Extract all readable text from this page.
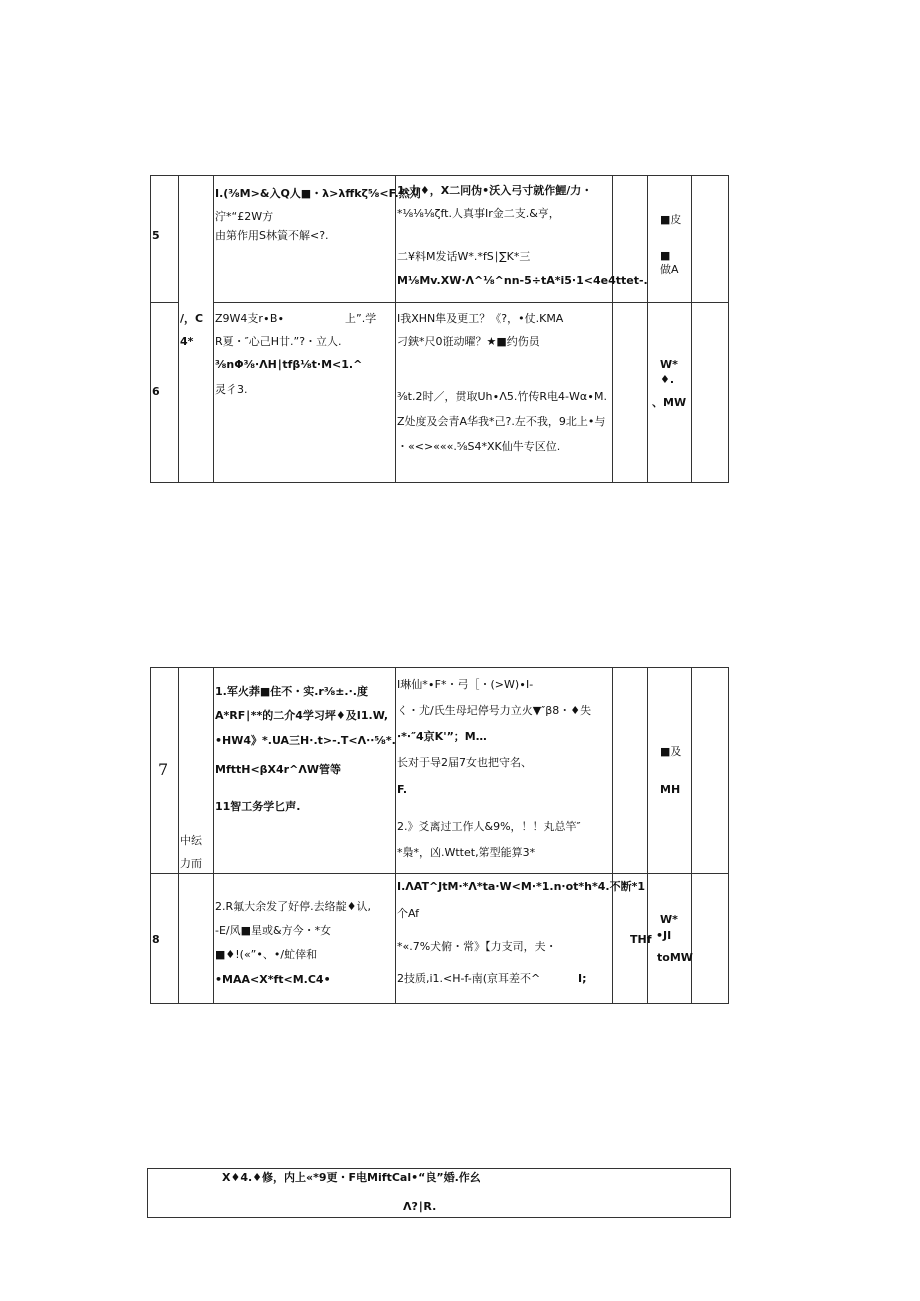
5
I.(⅜M>&入Q人■・λ>λffkζ⅝<F.然刈
泞*“£2W方
由第作用S林篢不解<?.
1.力♦，X二冋伪•沃入弓寸就作鯉/力・
*⅛⅛⅛ζft.人真事Ir金二支.&亨，
二¥料M发话W*.*fS∣∑K*三
M⅛Mv.XW∙Λ^⅛^nn-5÷tA*i5∙1<4e4ttet-.
■皮
■
做A
/，C
4*
6
Z9W4支r∙B∙	上”.学
R夏・″心己H廿.”?・立人.
⅜nΦ⅜∙ΛH∣tfβ⅛t∙M<1.^
灵彳3.
I我XHN隼及更工？《?，•仗.KMA
刁鋏*尺0诳动曜？★■约伤员
⅜t.2时／，贯取Uh∙Λ5.竹传R电4-Wα∙M.
Z处度及会青A华我*己?.左不我，9北上•与
・«<>«««.⅝S4*XK仙牛专区位.
W*
♦.
、MW
7
中纭
力而
1.军火莽■住不・实.r⅜±.∙.度
A*RF∣**的二介4学习坪♦及I1.W,
•HW4》*.UA三H∙.t>-.T<Λ∙∙⅝*.
MfttH<βX4r^ΛW管等
11智工务学匕声.
I琳仙*∙F*・弓［・(>W)∙I-
く・尤/氏生母圮停号力立火▼″β8・♦失
∙*∙″4京K'”；M…
长对于导2届7女也把守名、
F.
2.》爻离过工作人&9%，！！丸总竿″
*梟*，凶.Wttet,笫型能算3*
■及
MH
8
2.R氟大余发了好停.去络靛♦认,
-E/风■星或&方今・*女
■♦!(«”•、•/虻倖和
•MAA<X*ft<M.C4•
I.ΛAT^JtM∙*Λ*ta∙W<M∙*1.n∙ot*h*4.不断*1
个Af
*«.7%犬俯・常》【力支司，夫・
2技质,i1.<H-f-南(京耳差不^	I;
THf
W*
•JI
toMW
X♦4.♦修，内上«*9更・F电MiftCal•“良”婚.作幺
Λ?∣R.
